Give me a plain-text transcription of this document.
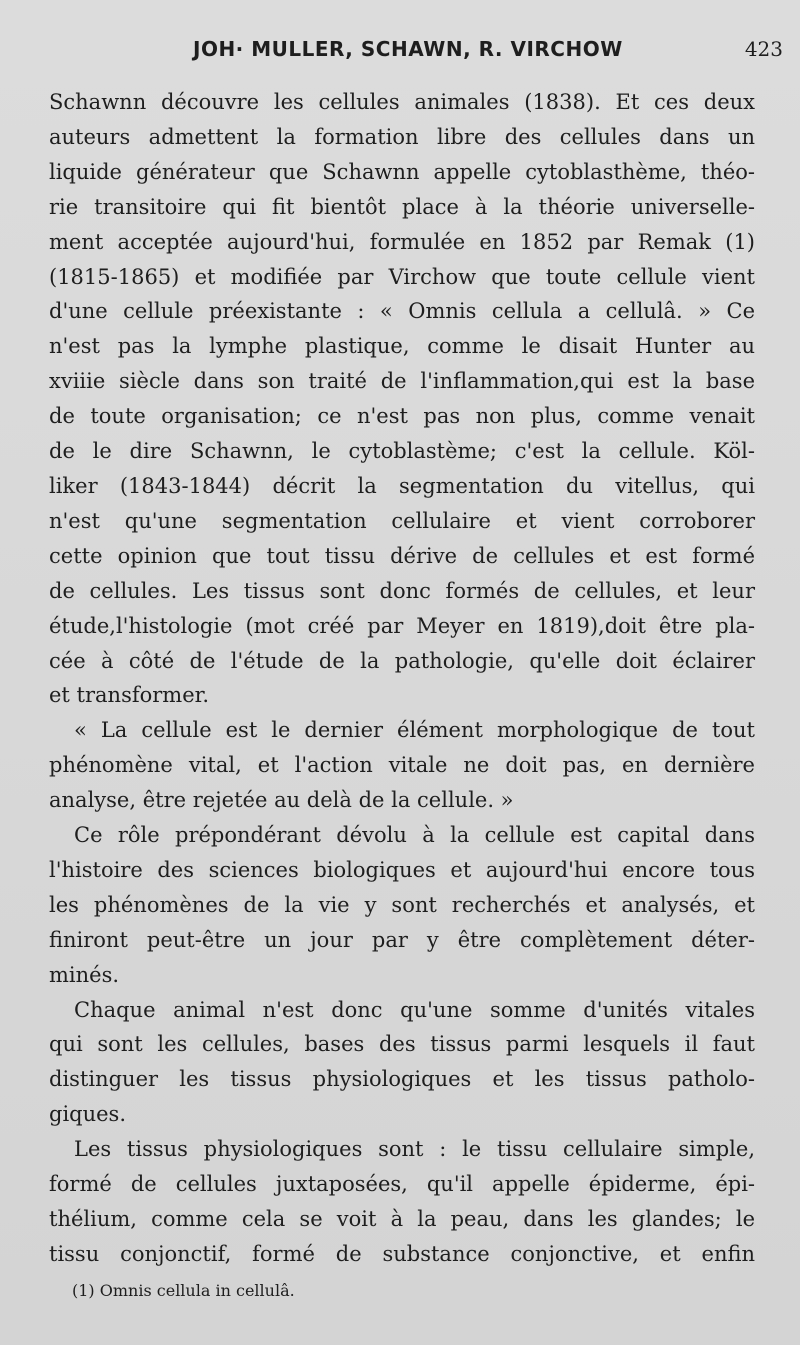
JOH· MULLER, SCHAWN, R. VIRCHOW	423
Schawnn découvre les cellules animales (1838). Et ces deux
auteurs admettent la formation libre des cellules dans un
liquide générateur que Schawnn appelle cytoblasthème, théo-
rie transitoire qui fit bientôt place à la théorie universelle-
ment acceptée aujourd'hui, formulée en 1852 par Remak (1)
(1815-1865) et modifiée par Virchow que toute cellule vient
d'une cellule préexistante : « Omnis cellula a cellulâ. » Ce
n'est pas la lymphe plastique, comme le disait Hunter au
xviiie siècle dans son traité de l'inflammation,qui est la base
de toute organisation; ce n'est pas non plus, comme venait
de le dire Schawnn, le cytoblastème; c'est la cellule. Köl-
liker (1843-1844) décrit la segmentation du vitellus, qui
n'est qu'une segmentation cellulaire et vient corroborer
cette opinion que tout tissu dérive de cellules et est formé
de cellules. Les tissus sont donc formés de cellules, et leur
étude,l'histologie (mot créé par Meyer en 1819),doit être pla-
cée à côté de l'étude de la pathologie, qu'elle doit éclairer
et transformer.
« La cellule est le dernier élément morphologique de tout
phénomène vital, et l'action vitale ne doit pas, en dernière
analyse, être rejetée au delà de la cellule. »
Ce rôle prépondérant dévolu à la cellule est capital dans
l'histoire des sciences biologiques et aujourd'hui encore tous
les phénomènes de la vie y sont recherchés et analysés, et
finiront peut-être un jour par y être complètement déter-
minés.
Chaque animal n'est donc qu'une somme d'unités vitales
qui sont les cellules, bases des tissus parmi lesquels il faut
distinguer les tissus physiologiques et les tissus patholo-
giques.
Les tissus physiologiques sont : le tissu cellulaire simple,
formé de cellules juxtaposées, qu'il appelle épiderme, épi-
thélium, comme cela se voit à la peau, dans les glandes; le
tissu conjonctif, formé de substance conjonctive, et enfin
(1) Omnis cellula in cellulâ.
